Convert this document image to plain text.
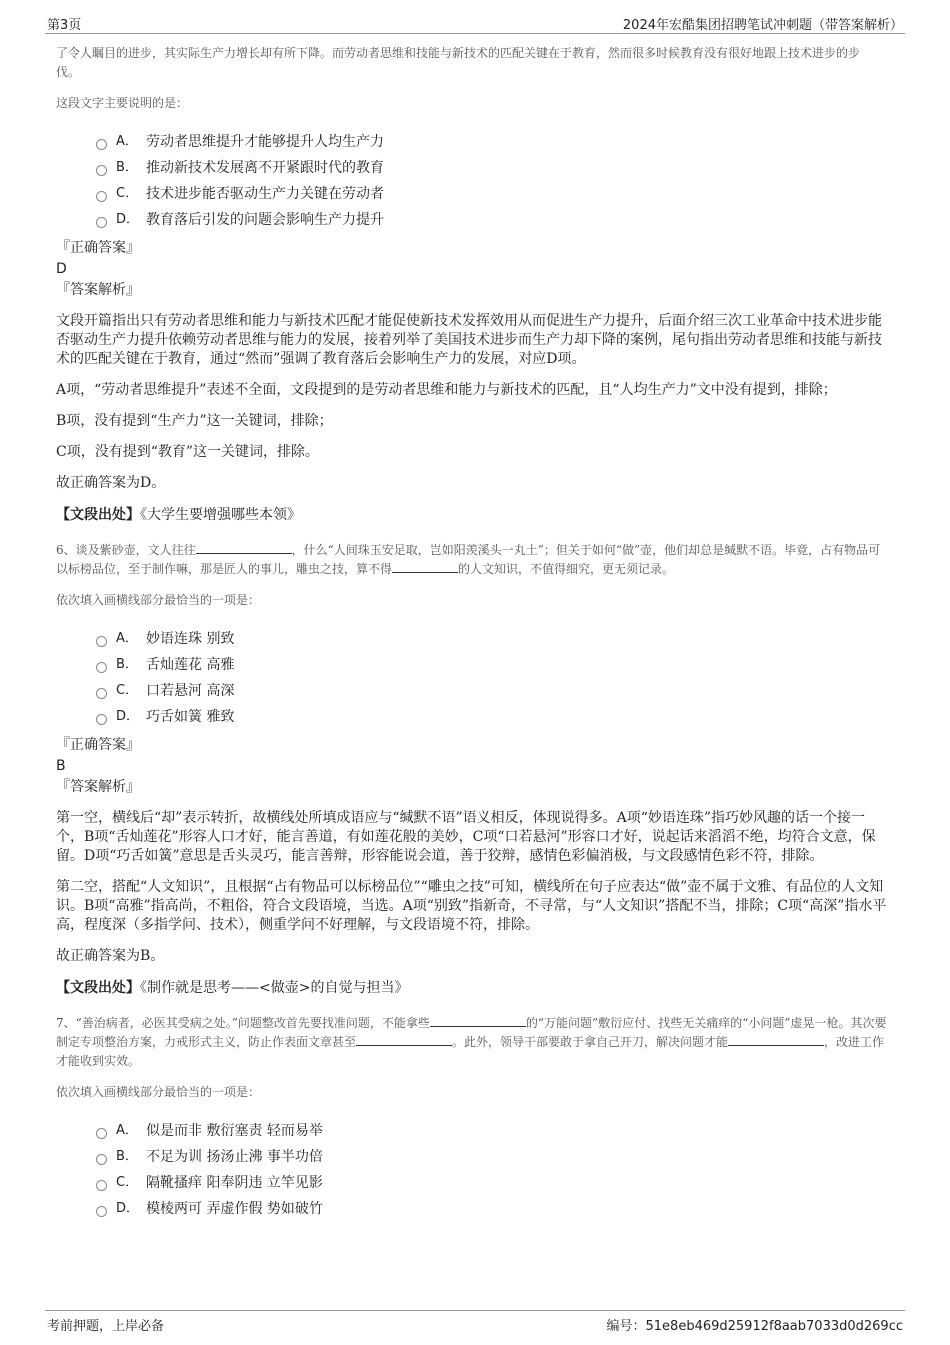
第3页	2024年宏酷集团招聘笔试冲刺题（带答案解析）
了令人瞩目的进步，其实际生产力增长却有所下降。而劳动者思维和技能与新技术的匹配关键在于教育，然而很多时候教育没有很好地跟上技术进步的步伐。
这段文字主要说明的是：
A． 劳动者思维提升才能够提升人均生产力
B． 推动新技术发展离不开紧跟时代的教育
C． 技术进步能否驱动生产力关键在劳动者
D． 教育落后引发的问题会影响生产力提升
『正确答案』
D
『答案解析』
文段开篇指出只有劳动者思维和能力与新技术匹配才能促使新技术发挥效用从而促进生产力提升，后面介绍三次工业革命中技术进步能否驱动生产力提升依赖劳动者思维与能力的发展，接着列举了美国技术进步而生产力却下降的案例，尾句指出劳动者思维和技能与新技术的匹配关键在于教育，通过“然而”强调了教育落后会影响生产力的发展，对应D项。
A项，“劳动者思维提升”表述不全面，文段提到的是劳动者思维和能力与新技术的匹配，且“人均生产力”文中没有提到，排除；
B项，没有提到“生产力”这一关键词，排除；
C项，没有提到“教育”这一关键词，排除。
故正确答案为D。
【文段出处】《大学生要增强哪些本领》
6、谈及紫砂壶，文人往往	，什么“人间珠玉安足取，岂如阳羡溪头一丸土”；但关于如何“做”壶，他们却总是缄默不语。毕竟，占有物品可以标榜品位，至于制作嘛，那是匠人的事儿，雕虫之技，算不得	的人文知识，不值得细究，更无须记录。
依次填入画横线部分最恰当的一项是：
A． 妙语连珠 别致
B． 舌灿莲花 高雅
C． 口若悬河 高深
D． 巧舌如簧 雅致
『正确答案』
B
『答案解析』
第一空，横线后“却”表示转折，故横线处所填成语应与“缄默不语”语义相反，体现说得多。A项“妙语连珠”指巧妙风趣的话一个接一个，B项“舌灿莲花”形容人口才好，能言善道，有如莲花般的美妙，C项“口若悬河”形容口才好，说起话来滔滔不绝，均符合文意，保留。D项“巧舌如簧”意思是舌头灵巧，能言善辩，形容能说会道，善于狡辩，感情色彩偏消极，与文段感情色彩不符，排除。
第二空，搭配“人文知识”，且根据“占有物品可以标榜品位”“雕虫之技”可知，横线所在句子应表达“做”壶不属于文雅、有品位的人文知识。B项“高雅”指高尚，不粗俗，符合文段语境，当选。A项“别致”指新奇，不寻常，与“人文知识”搭配不当，排除；C项“高深”指水平高，程度深（多指学问、技术），侧重学问不好理解，与文段语境不符，排除。
故正确答案为B。
【文段出处】《制作就是思考——<做壶>的自觉与担当》
7、“善治病者，必医其受病之处。”问题整改首先要找准问题，不能拿些	的“万能问题”敷衍应付、找些无关痛痒的“小问题”虚晃一枪。其次要制定专项整治方案，力戒形式主义，防止作表面文章甚至	。此外，领导干部要敢于拿自己开刀，解决问题才能	，改进工作才能收到实效。
依次填入画横线部分最恰当的一项是：
A． 似是而非 敷衍塞责 轻而易举
B． 不足为训 扬汤止沸 事半功倍
C． 隔靴搔痒 阳奉阴违 立竿见影
D． 模棱两可 弄虚作假 势如破竹
考前押题，上岸必备	编号：51e8eb469d25912f8aab7033d0d269cc
